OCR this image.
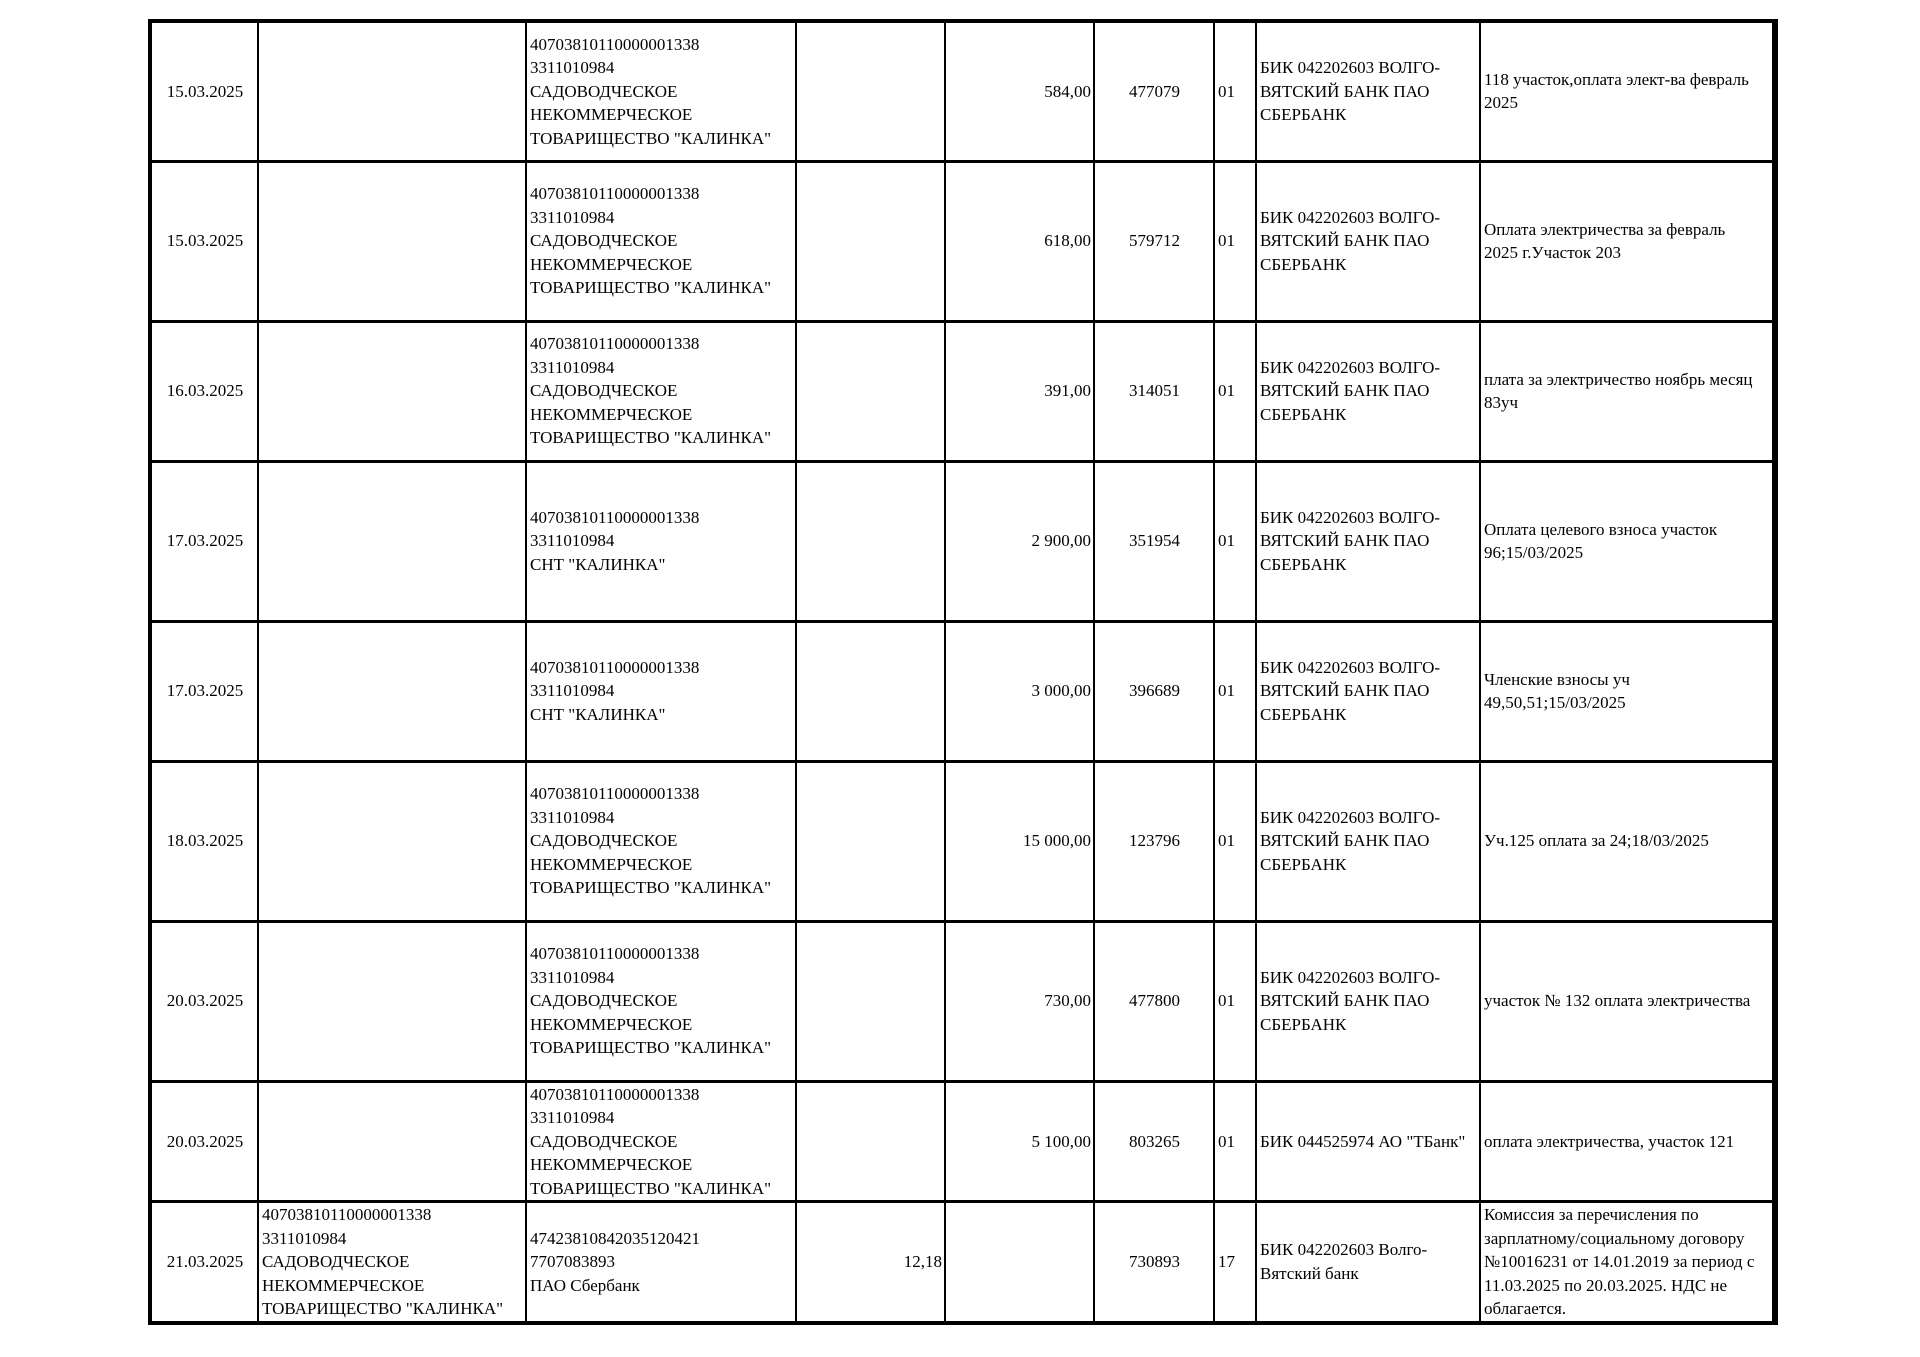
15.03.2025		40703810110000001338
3311010984
САДОВОДЧЕСКОЕ
НЕКОММЕРЧЕСКОЕ
ТОВАРИЩЕСТВО "КАЛИНКА"		584,00	477079	01	БИК 042202603 ВОЛГО-
ВЯТСКИЙ БАНК ПАО
СБЕРБАНК	118 участок,оплата элект-ва февраль
2025

15.03.2025		40703810110000001338
3311010984
САДОВОДЧЕСКОЕ
НЕКОММЕРЧЕСКОЕ
ТОВАРИЩЕСТВО "КАЛИНКА"		618,00	579712	01	БИК 042202603 ВОЛГО-
ВЯТСКИЙ БАНК ПАО
СБЕРБАНК	Оплата электричества за февраль
2025 г.Участок 203

16.03.2025		40703810110000001338
3311010984
САДОВОДЧЕСКОЕ
НЕКОММЕРЧЕСКОЕ
ТОВАРИЩЕСТВО "КАЛИНКА"		391,00	314051	01	БИК 042202603 ВОЛГО-
ВЯТСКИЙ БАНК ПАО
СБЕРБАНК	плата за электричество ноябрь месяц
83уч

17.03.2025		40703810110000001338
3311010984
СНТ "КАЛИНКА"		2 900,00	351954	01	БИК 042202603 ВОЛГО-
ВЯТСКИЙ БАНК ПАО
СБЕРБАНК	Оплата целевого взноса участок
96;15/03/2025

17.03.2025		40703810110000001338
3311010984
СНТ "КАЛИНКА"		3 000,00	396689	01	БИК 042202603 ВОЛГО-
ВЯТСКИЙ БАНК ПАО
СБЕРБАНК	Членские взносы уч
49,50,51;15/03/2025

18.03.2025		40703810110000001338
3311010984
САДОВОДЧЕСКОЕ
НЕКОММЕРЧЕСКОЕ
ТОВАРИЩЕСТВО "КАЛИНКА"		15 000,00	123796	01	БИК 042202603 ВОЛГО-
ВЯТСКИЙ БАНК ПАО
СБЕРБАНК	Уч.125 оплата за 24;18/03/2025

20.03.2025		40703810110000001338
3311010984
САДОВОДЧЕСКОЕ
НЕКОММЕРЧЕСКОЕ
ТОВАРИЩЕСТВО "КАЛИНКА"		730,00	477800	01	БИК 042202603 ВОЛГО-
ВЯТСКИЙ БАНК ПАО
СБЕРБАНК	участок № 132 оплата электричества

20.03.2025		40703810110000001338
3311010984
САДОВОДЧЕСКОЕ
НЕКОММЕРЧЕСКОЕ
ТОВАРИЩЕСТВО "КАЛИНКА"		5 100,00	803265	01	БИК 044525974 АО "ТБанк"	оплата электричества, участок 121

21.03.2025	40703810110000001338
3311010984
САДОВОДЧЕСКОЕ
НЕКОММЕРЧЕСКОЕ
ТОВАРИЩЕСТВО "КАЛИНКА"	47423810842035120421
7707083893
ПАО Сбербанк	12,18		730893	17	БИК 042202603 Волго-
Вятский банк	Комиссия за перечисления по
зарплатному/социальному договору
№10016231 от 14.01.2019 за период с
11.03.2025 по 20.03.2025. НДС не
облагается.
